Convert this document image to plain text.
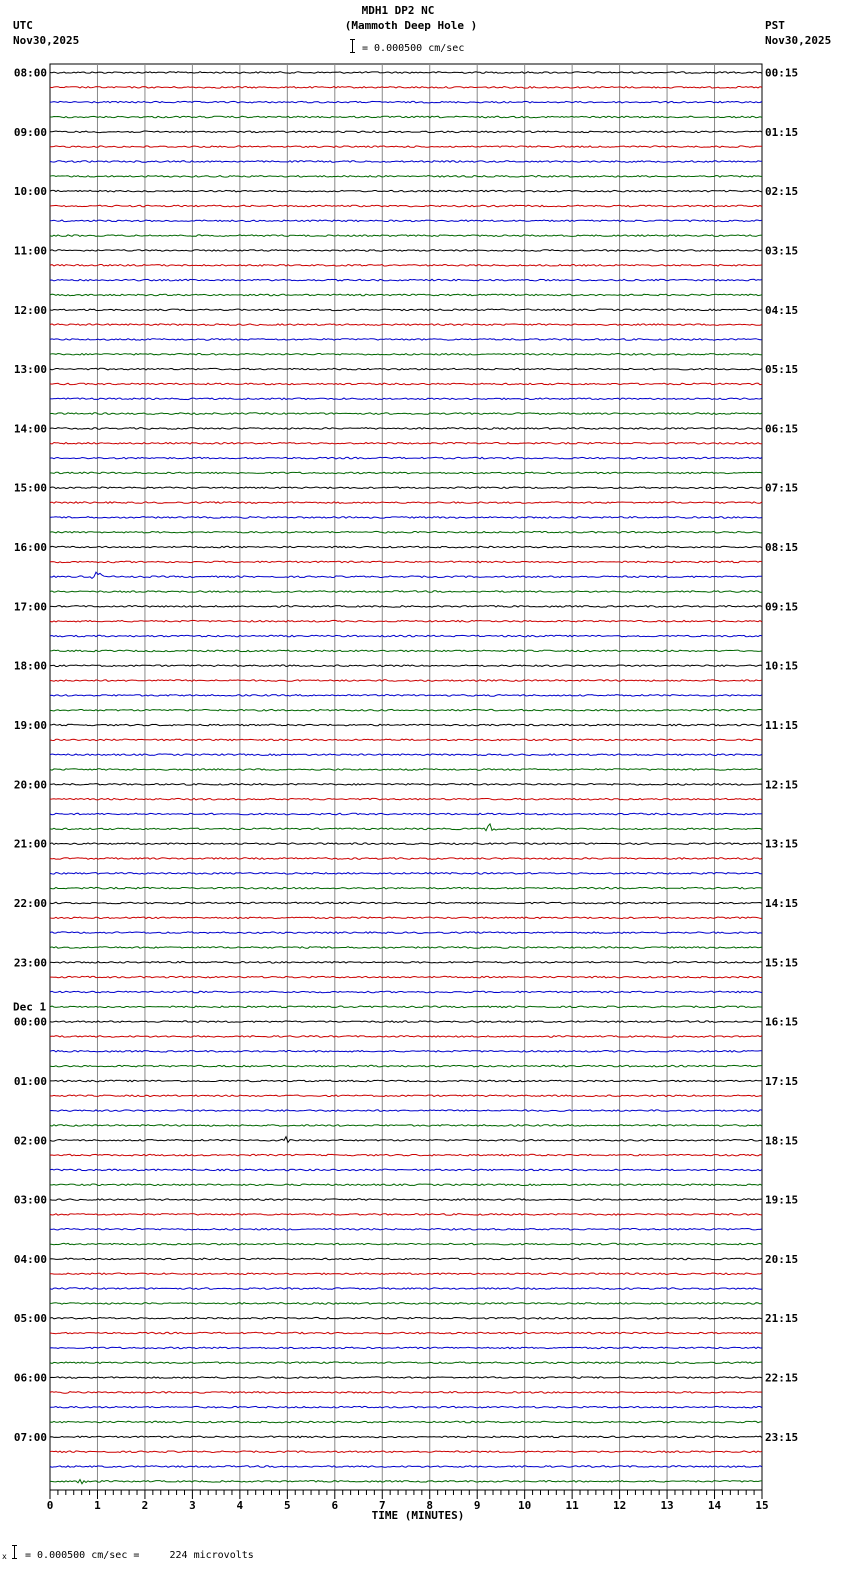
MDH1 DP2 NC
(Mammoth Deep Hole )
= 0.000500 cm/sec
UTC
Nov30,2025
PST
Nov30,2025
08:00	00:15
09:00	01:15
10:00	02:15
11:00	03:15
12:00	04:15
13:00	05:15
14:00	06:15
15:00	07:15
16:00	08:15
17:00	09:15
18:00	10:15
19:00	11:15
20:00	12:15
21:00	13:15
22:00	14:15
23:00	15:15
00:00	16:15
Dec 1
01:00	17:15
02:00	18:15
03:00	19:15
04:00	20:15
05:00	21:15
06:00	22:15
07:00	23:15
0	1	2	3	4	5	6	7	8	9	10	11	12	13	14	15
TIME (MINUTES)
x = 0.000500 cm/sec =     224 microvolts
